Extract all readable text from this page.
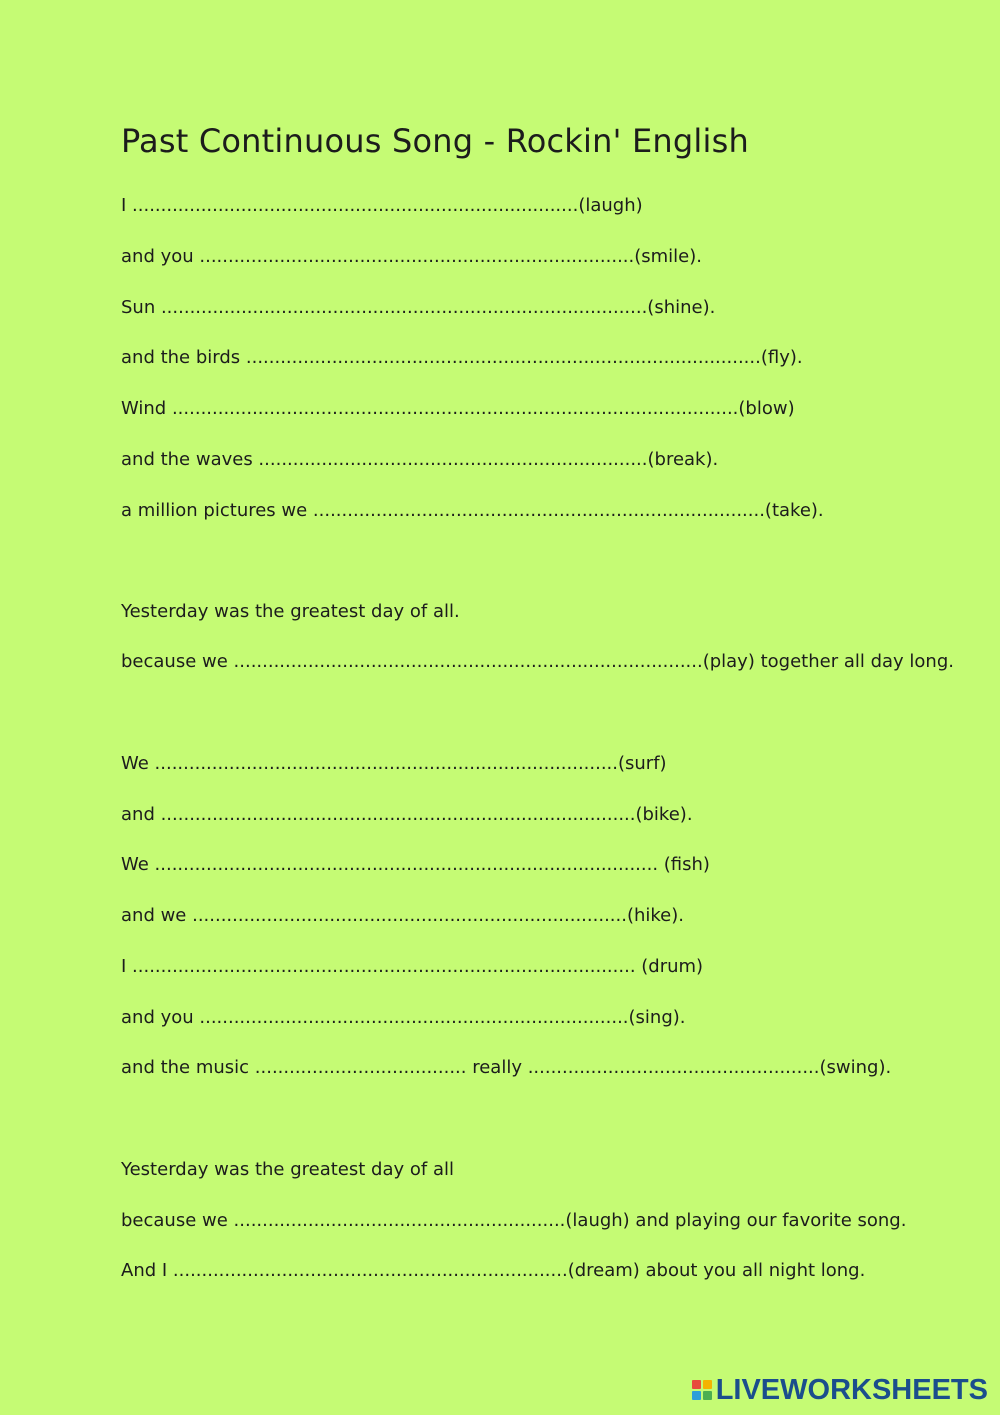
Past Continuous Song - Rockin' English
I ..............................................................................(laugh)
and you ............................................................................(smile).
Sun .....................................................................................(shine).
and the birds ..........................................................................................(fly).
Wind ...................................................................................................(blow)
and the waves ....................................................................(break).
a million pictures we ...............................................................................(take).
Yesterday was the greatest day of all.
because we ..................................................................................(play) together all day long.
We .................................................................................(surf)
and ...................................................................................(bike).
We ........................................................................................ (fish)
and we ............................................................................(hike).
I ........................................................................................ (drum)
and you ...........................................................................(sing).
and the music ..................................... really ...................................................(swing).
Yesterday was the greatest day of all
because we ..........................................................(laugh) and playing our favorite song.
And I .....................................................................(dream) about you all night long.
LIVEWORKSHEETS
